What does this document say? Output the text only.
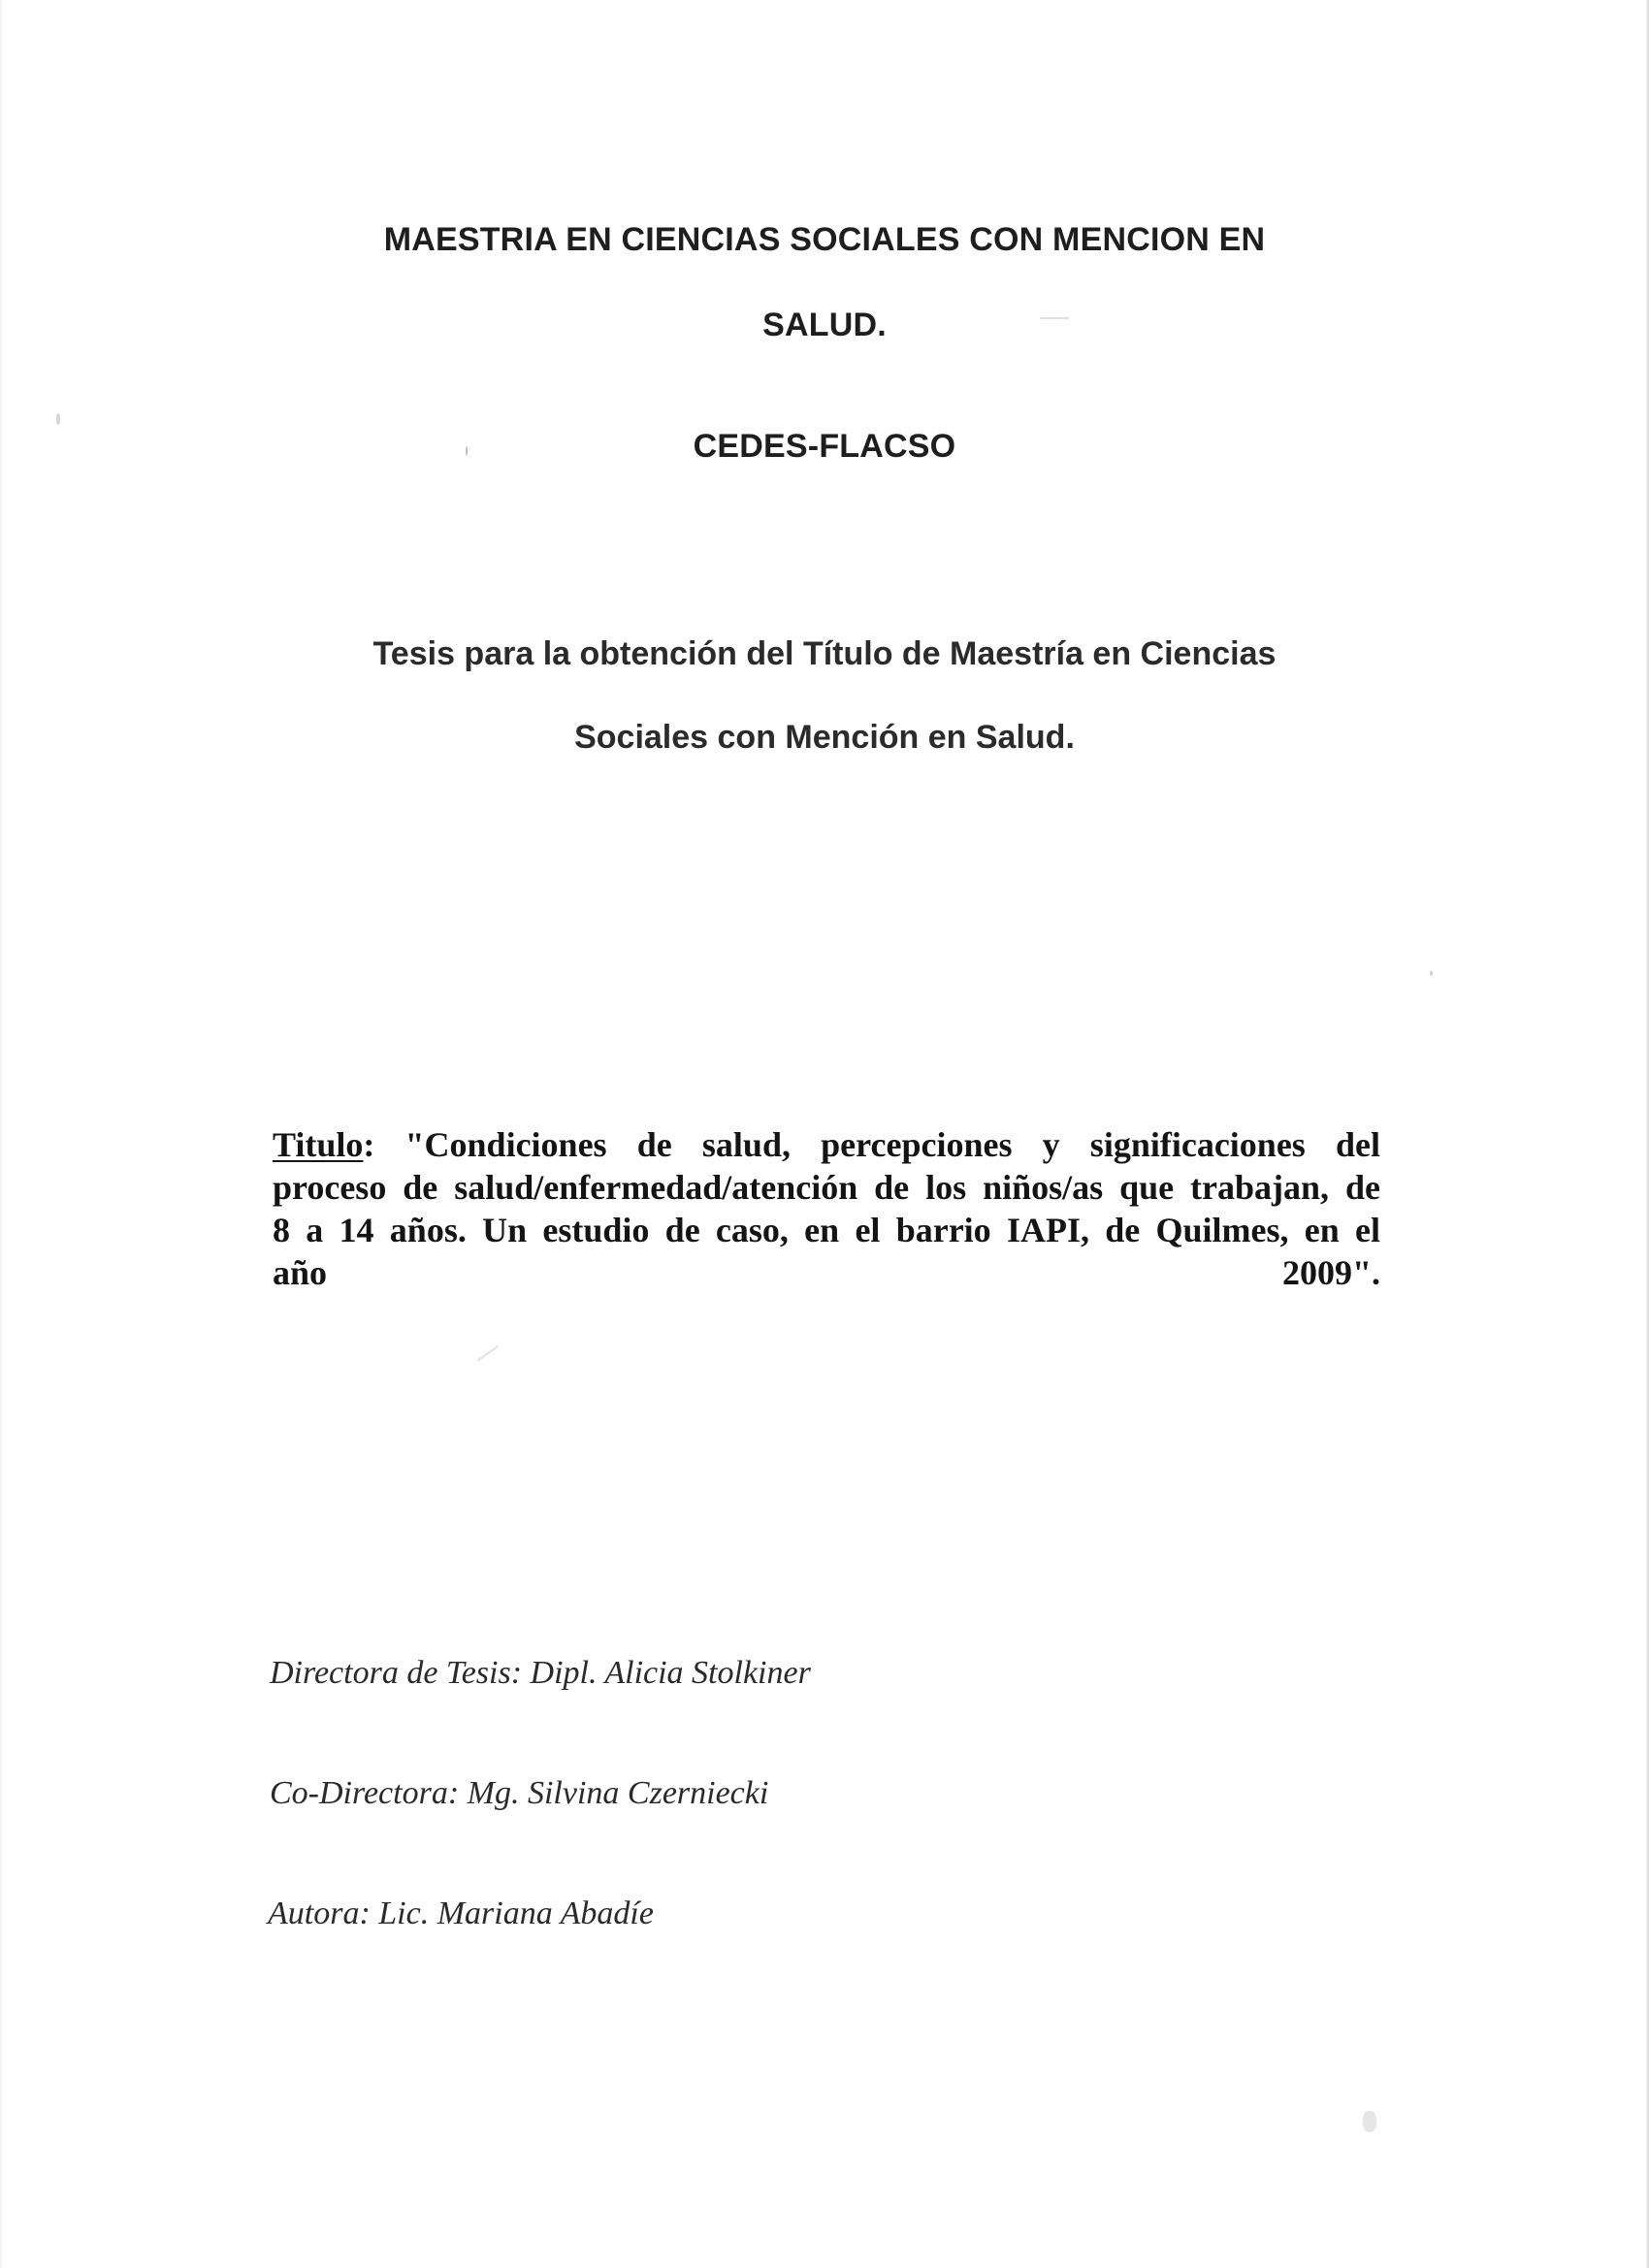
MAESTRIA EN CIENCIAS SOCIALES CON MENCION EN
SALUD.
CEDES-FLACSO

Tesis para la obtención del Título de Maestría en Ciencias

Sociales con Mención en Salud.

Titulo: "Condiciones de salud, percepciones y significaciones del
proceso de salud/enfermedad/atención de los niños/as que trabajan, de
8 a 14 años. Un estudio de caso, en el barrio IAPI, de Quilmes, en el
año	2009".

Directora de Tesis: Dipl. Alicia Stolkiner

Co-Directora: Mg. Silvina Czerniecki

Autora: Lic. Mariana Abadíe
